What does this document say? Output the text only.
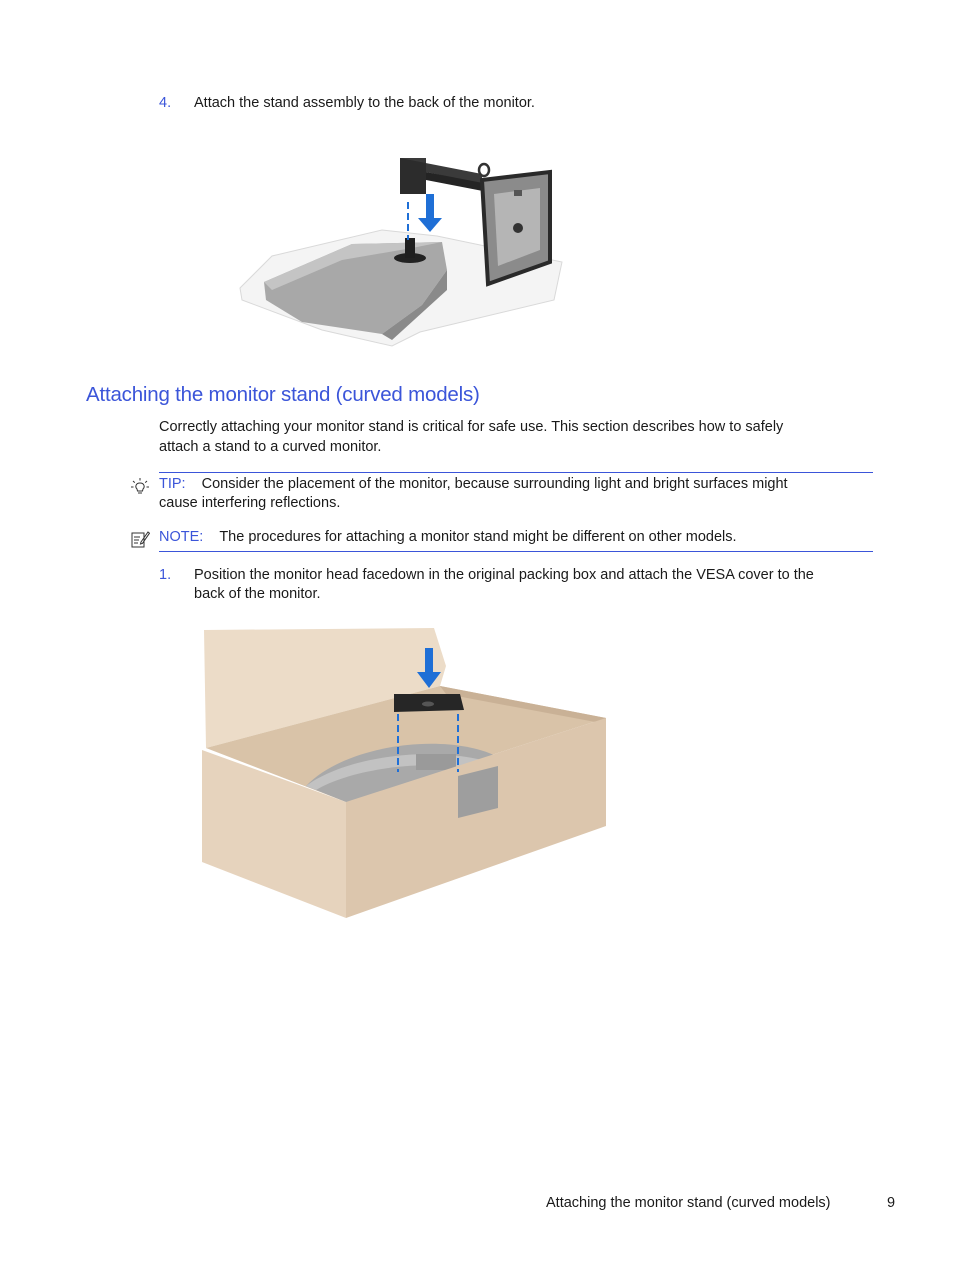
4. Attach the stand assembly to the back of the monitor.
Attaching the monitor stand (curved models)
Correctly attaching your monitor stand is critical for safe use. This section describes how to safely
attach a stand to a curved monitor.
TIP: Consider the placement of the monitor, because surrounding light and bright surfaces might
cause interfering reflections.
NOTE: The procedures for attaching a monitor stand might be different on other models.
1. Position the monitor head facedown in the original packing box and attach the VESA cover to the
back of the monitor.
Attaching the monitor stand (curved models)	9
